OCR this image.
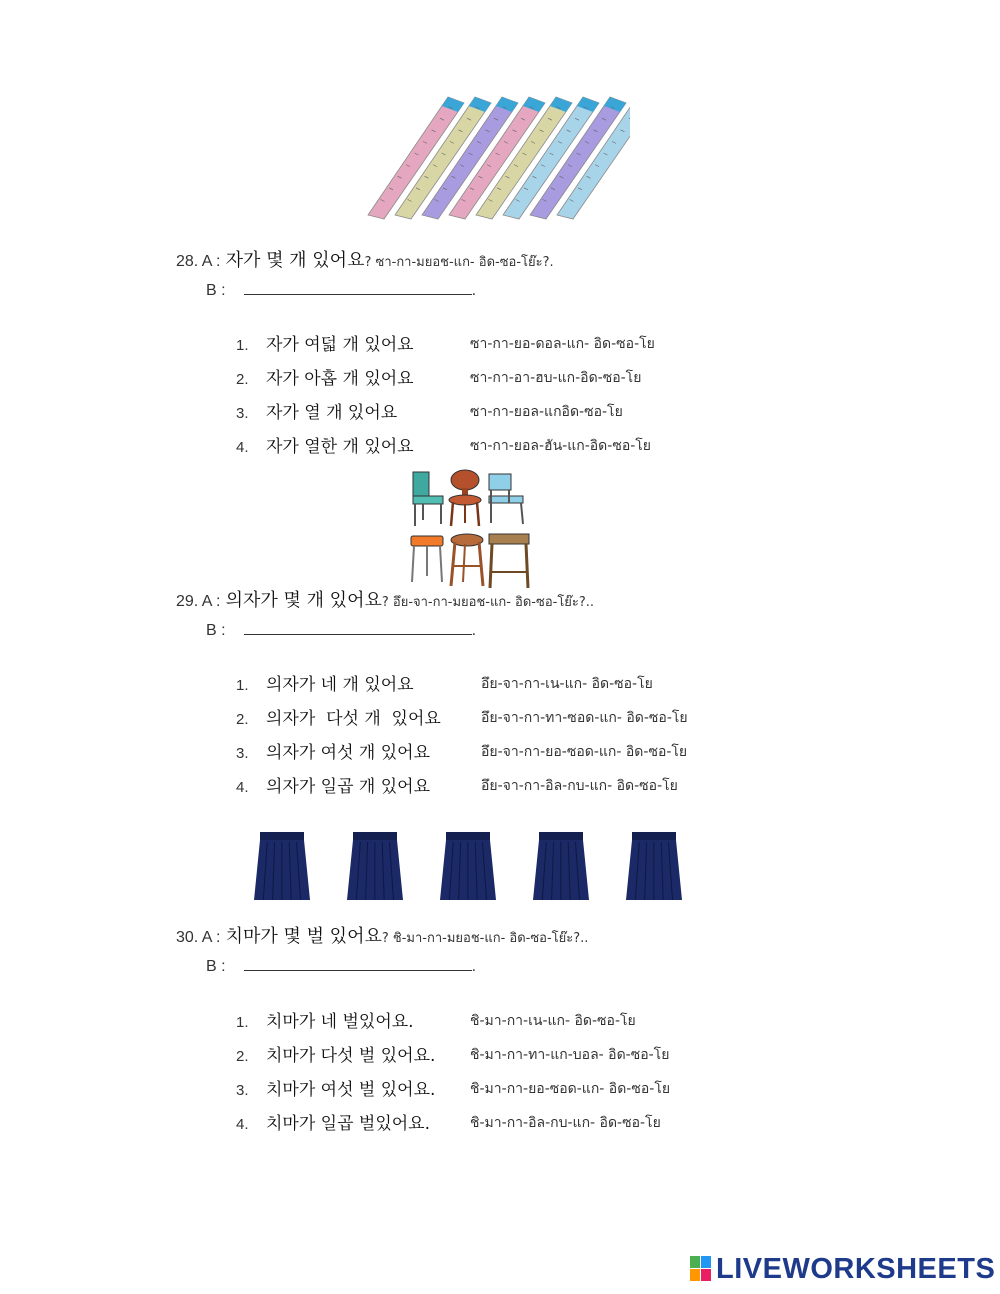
28. A : 자가 몇 개 있어요? ซา-กา-มยอช-แก- อิด-ซอ-โย๊ะ?.
B :	.
1. 자가 여덟 개 있어요	ซา-กา-ยอ-ดอล-แก- อิด-ซอ-โย
2. 자가 아홉 개 있어요	ซา-กา-อา-ฮบ-แก-อิด-ซอ-โย
3. 자가 열 개 있어요	ซา-กา-ยอล-แกอิด-ซอ-โย
4. 자가 열한 개 있어요	ซา-กา-ยอล-ฮัน-แก-อิด-ซอ-โย
29. A : 의자가 몇 개 있어요? อึย-จา-กา-มยอช-แก- อิด-ซอ-โย๊ะ?..
B :	.
1. 의자가 네 개 있어요	อึย-จา-กา-เน-แก- อิด-ซอ-โย
2. 의자가  다섯 개  있어요	อึย-จา-กา-ทา-ซอด-แก- อิด-ซอ-โย
3. 의자가 여섯 개 있어요	อึย-จา-กา-ยอ-ซอด-แก- อิด-ซอ-โย
4. 의자가 일곱 개 있어요	อึย-จา-กา-อิล-กบ-แก- อิด-ซอ-โย
30. A : 치마가 몇 벌 있어요? ชิ-มา-กา-มยอช-แก- อิด-ซอ-โย๊ะ?..
B :	.
1. 치마가 네 벌있어요.	ชิ-มา-กา-เน-แก- อิด-ซอ-โย
2. 치마가 다섯 벌 있어요. ชิ-มา-กา-ทา-แก-บอล- อิด-ซอ-โย
3. 치마가 여섯 벌 있어요. ชิ-มา-กา-ยอ-ซอด-แก- อิด-ซอ-โย
4. 치마가 일곱 벌있어요.	ชิ-มา-กา-อิล-กบ-แก- อิด-ซอ-โย
LIVEWORKSHEETS
